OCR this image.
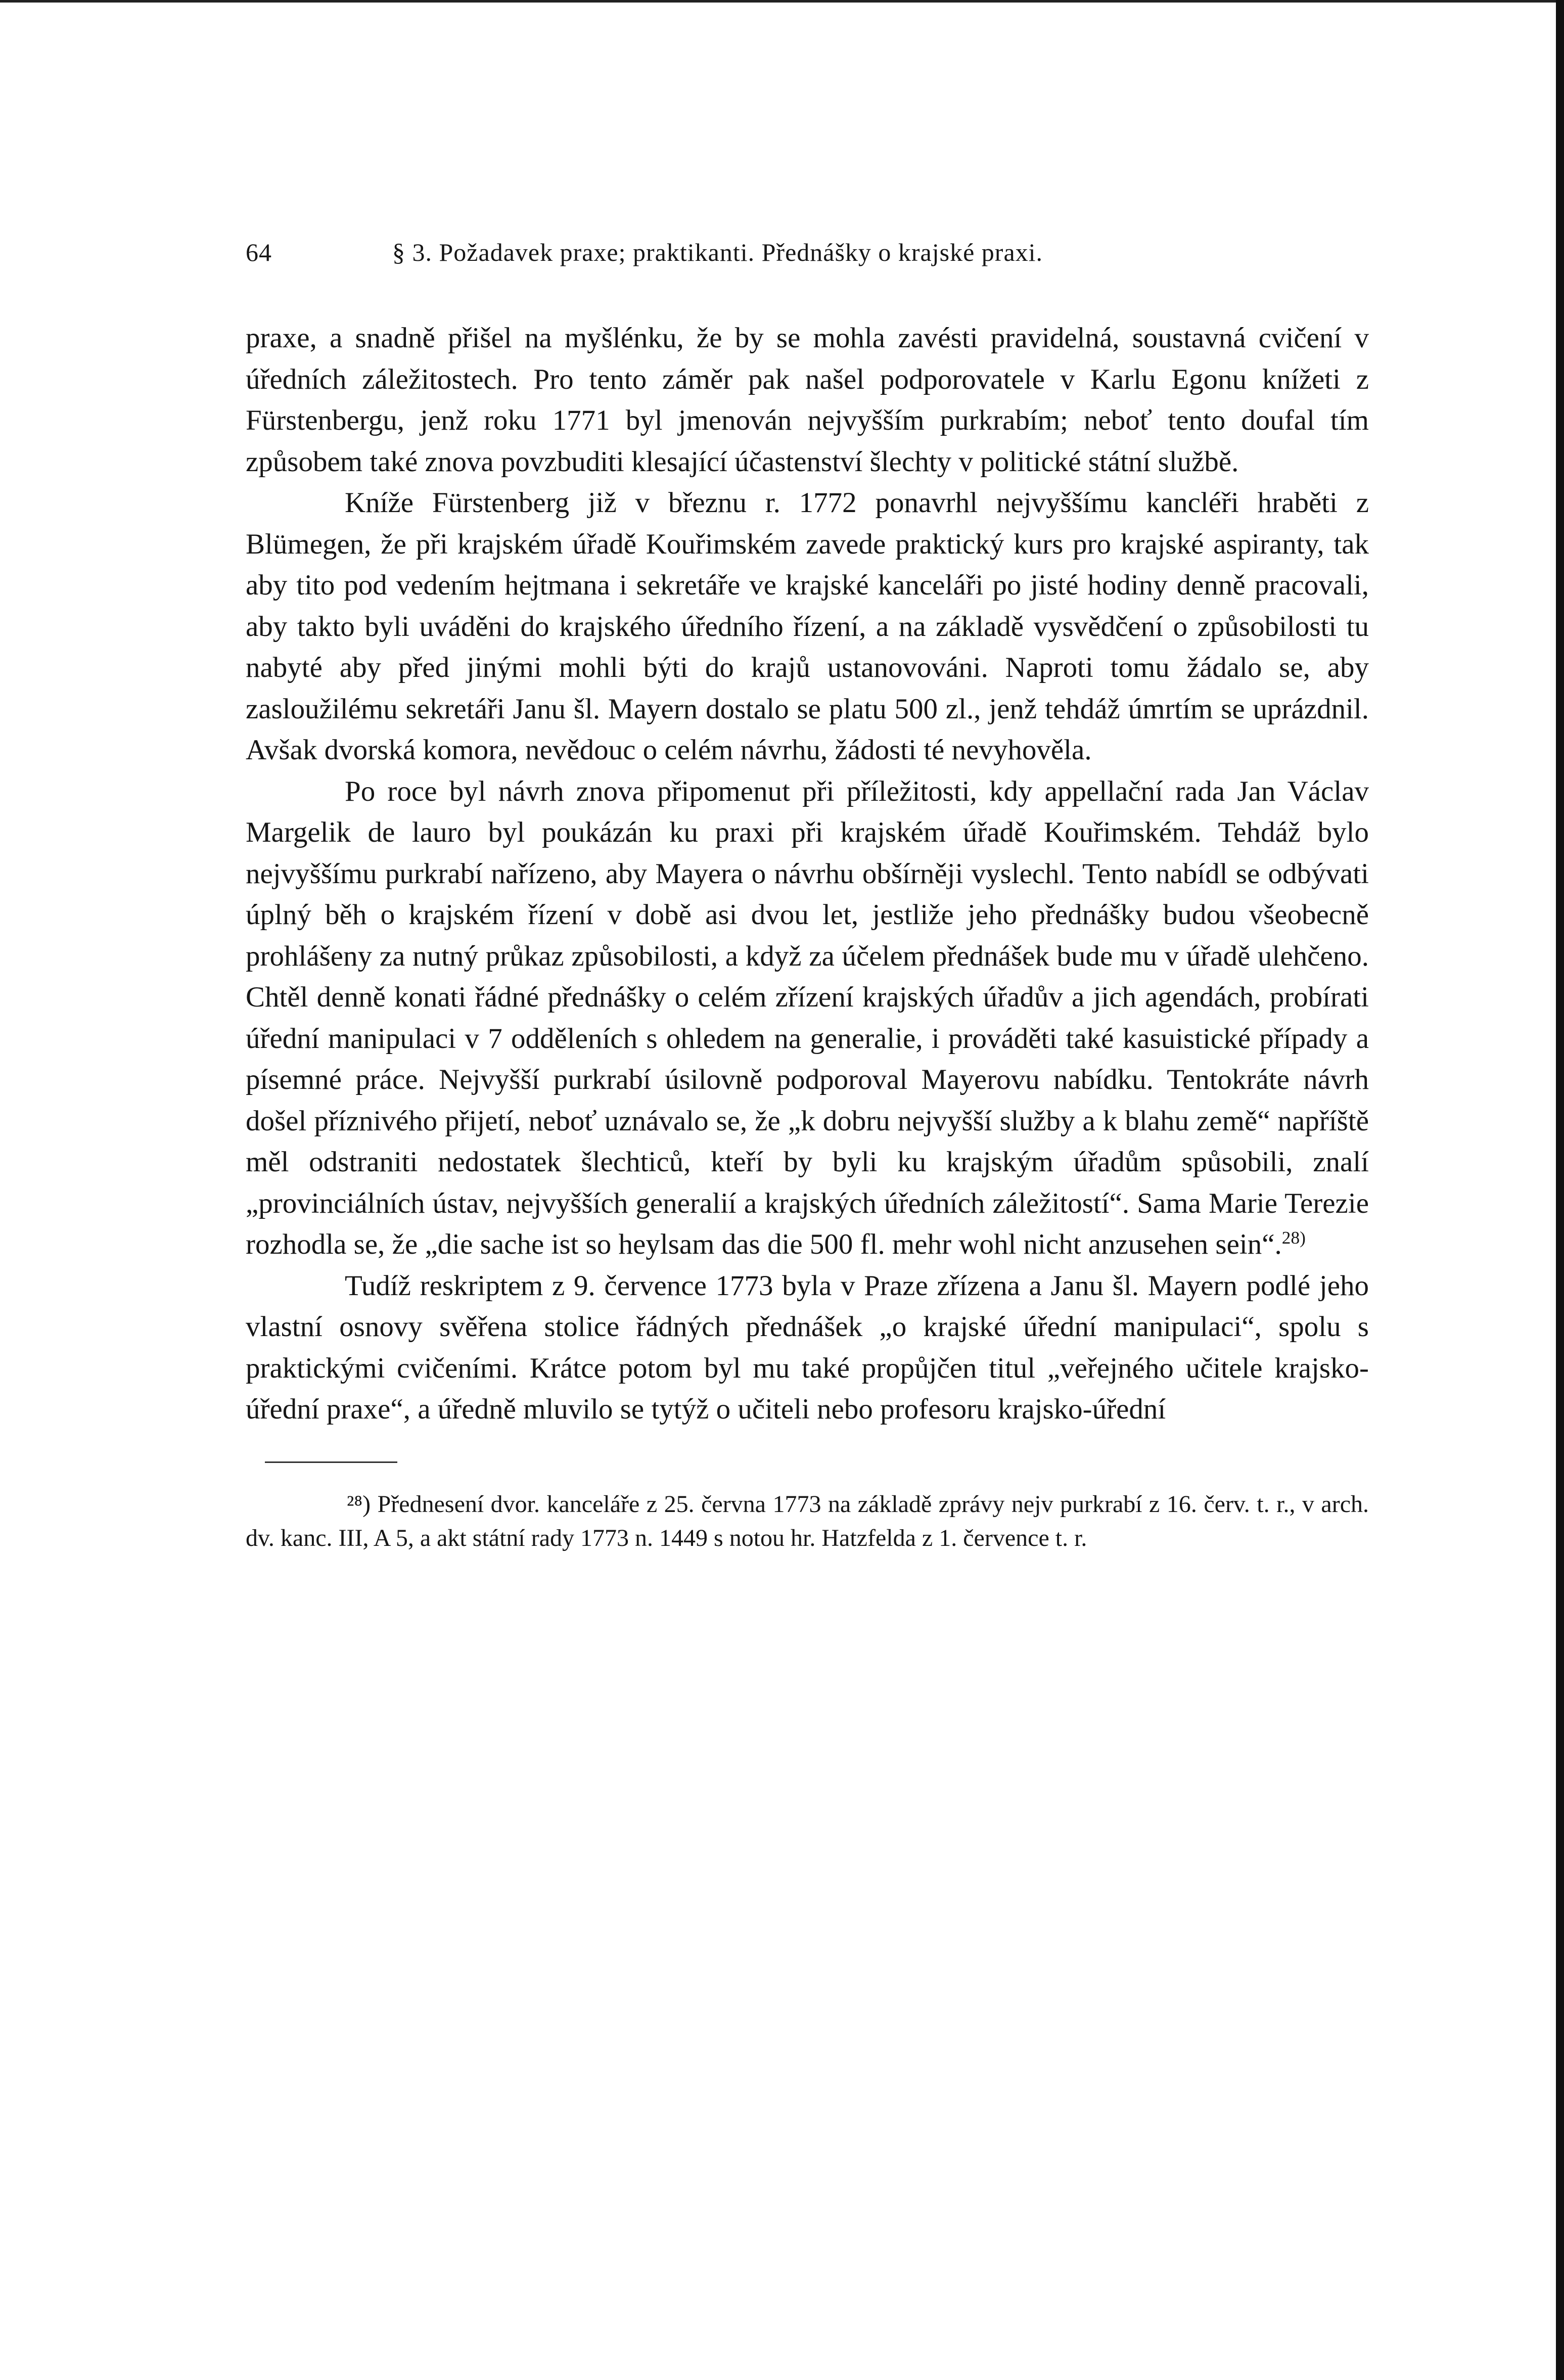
64	§ 3. Požadavek praxe; praktikanti. Přednášky o krajské praxi.

praxe, a snadně přišel na myšlénku, že by se mohla zavésti pravidelná, soustavná cvičení v úředních záležitostech. Pro tento záměr pak našel podporovatele v Karlu Egonu knížeti z Fürstenbergu, jenž roku 1771 byl jmenován nejvyšším purkrabím; neboť tento doufal tím způsobem také znova povzbuditi klesající účastenství šlechty v politické státní službě.

Kníže Fürstenberg již v březnu r. 1772 ponavrhl nejvyššímu kancléři hraběti z Blümegen, že při krajském úřadě Kouřimském zavede praktický kurs pro krajské aspiranty, tak aby tito pod vedením hejtmana i sekretáře ve krajské kanceláři po jisté hodiny denně pracovali, aby takto byli uváděni do krajského úředního řízení, a na základě vysvědčení o způsobilosti tu nabyté aby před jinými mohli býti do krajů ustanovováni. Naproti tomu žádalo se, aby zasloužilému sekretáři Janu šl. Mayern dostalo se platu 500 zl., jenž tehdáž úmrtím se uprázdnil. Avšak dvorská komora, nevědouc o celém návrhu, žádosti té nevyhověla.

Po roce byl návrh znova připomenut při příležitosti, kdy appellační rada Jan Václav Margelik de lauro byl poukázán ku praxi při krajském úřadě Kouřimském. Tehdáž bylo nejvyššímu purkrabí nařízeno, aby Mayera o návrhu obšírněji vyslechl. Tento nabídl se odbývati úplný běh o krajském řízení v době asi dvou let, jestliže jeho přednášky budou všeobecně prohlášeny za nutný průkaz způsobilosti, a když za účelem přednášek bude mu v úřadě ulehčeno. Chtěl denně konati řádné přednášky o celém zřízení krajských úřadův a jich agendách, probírati úřední manipulaci v 7 odděleních s ohledem na generalie, i prováděti také kasuistické případy a písemné práce. Nejvyšší purkrabí úsilovně podporoval Mayerovu nabídku. Tentokráte návrh došel příznivého přijetí, neboť uznávalo se, že „k dobru nejvyšší služby a k blahu země“ napříště měl odstraniti nedostatek šlechticů, kteří by byli ku krajským úřadům spůsobili, znalí „provinciálních ústav, nejvyšších generalií a krajských úředních záležitostí“. Sama Marie Terezie rozhodla se, že „die sache ist so heylsam das die 500 fl. mehr wohl nicht anzusehen sein“.$^{28)}$

Tudíž reskriptem z 9. července 1773 byla v Praze zřízena a Janu šl. Mayern podlé jeho vlastní osnovy svěřena stolice řádných přednášek „o krajské úřední manipulaci“, spolu s praktickými cvičeními. Krátce potom byl mu také propůjčen titul „veřejného učitele krajsko-úřední praxe“, a úředně mluvilo se tytýž o učiteli nebo profesoru krajsko-úřední

²⁸) Přednesení dvor. kanceláře z 25. června 1773 na základě zprávy nejv purkrabí z 16. červ. t. r., v arch. dv. kanc. III, A 5, a akt státní rady 1773 n. 1449 s notou hr. Hatzfelda z 1. července t. r.
